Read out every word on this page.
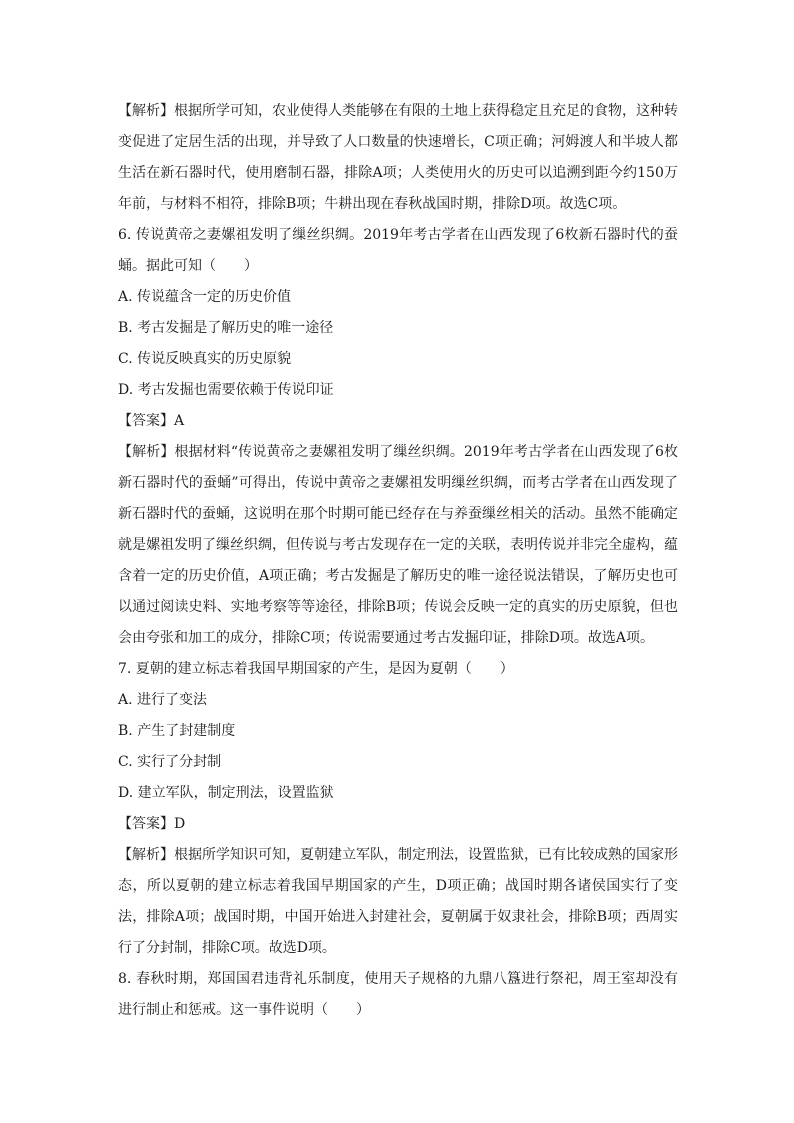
【解析】根据所学可知，农业使得人类能够在有限的土地上获得稳定且充足的食物，这种转变促进了定居生活的出现，并导致了人口数量的快速增长，C项正确；河姆渡人和半坡人都生活在新石器时代，使用磨制石器，排除A项；人类使用火的历史可以追溯到距今约150万年前，与材料不相符，排除B项；牛耕出现在春秋战国时期，排除D项。故选C项。

6. 传说黄帝之妻嫘祖发明了缫丝织绸。2019年考古学者在山西发现了6枚新石器时代的蚕蛹。据此可知（　　）

A. 传说蕴含一定的历史价值

B. 考古发掘是了解历史的唯一途径

C. 传说反映真实的历史原貌

D. 考古发掘也需要依赖于传说印证

【答案】A

【解析】根据材料“传说黄帝之妻嫘祖发明了缫丝织绸。2019年考古学者在山西发现了6枚新石器时代的蚕蛹”可得出，传说中黄帝之妻嫘祖发明缫丝织绸，而考古学者在山西发现了新石器时代的蚕蛹，这说明在那个时期可能已经存在与养蚕缫丝相关的活动。虽然不能确定就是嫘祖发明了缫丝织绸，但传说与考古发现存在一定的关联，表明传说并非完全虚构，蕴含着一定的历史价值，A项正确；考古发掘是了解历史的唯一途径说法错误，了解历史也可以通过阅读史料、实地考察等等途径，排除B项；传说会反映一定的真实的历史原貌，但也会由夸张和加工的成分，排除C项；传说需要通过考古发掘印证，排除D项。故选A项。

7. 夏朝的建立标志着我国早期国家的产生，是因为夏朝（　　）

A. 进行了变法

B. 产生了封建制度

C. 实行了分封制

D. 建立军队，制定刑法，设置监狱

【答案】D

【解析】根据所学知识可知，夏朝建立军队，制定刑法，设置监狱，已有比较成熟的国家形态，所以夏朝的建立标志着我国早期国家的产生，D项正确；战国时期各诸侯国实行了变法，排除A项；战国时期，中国开始进入封建社会，夏朝属于奴隶社会，排除B项；西周实行了分封制，排除C项。故选D项。

8. 春秋时期，郑国国君违背礼乐制度，使用天子规格的九鼎八簋进行祭祀，周王室却没有进行制止和惩戒。这一事件说明（　　）
